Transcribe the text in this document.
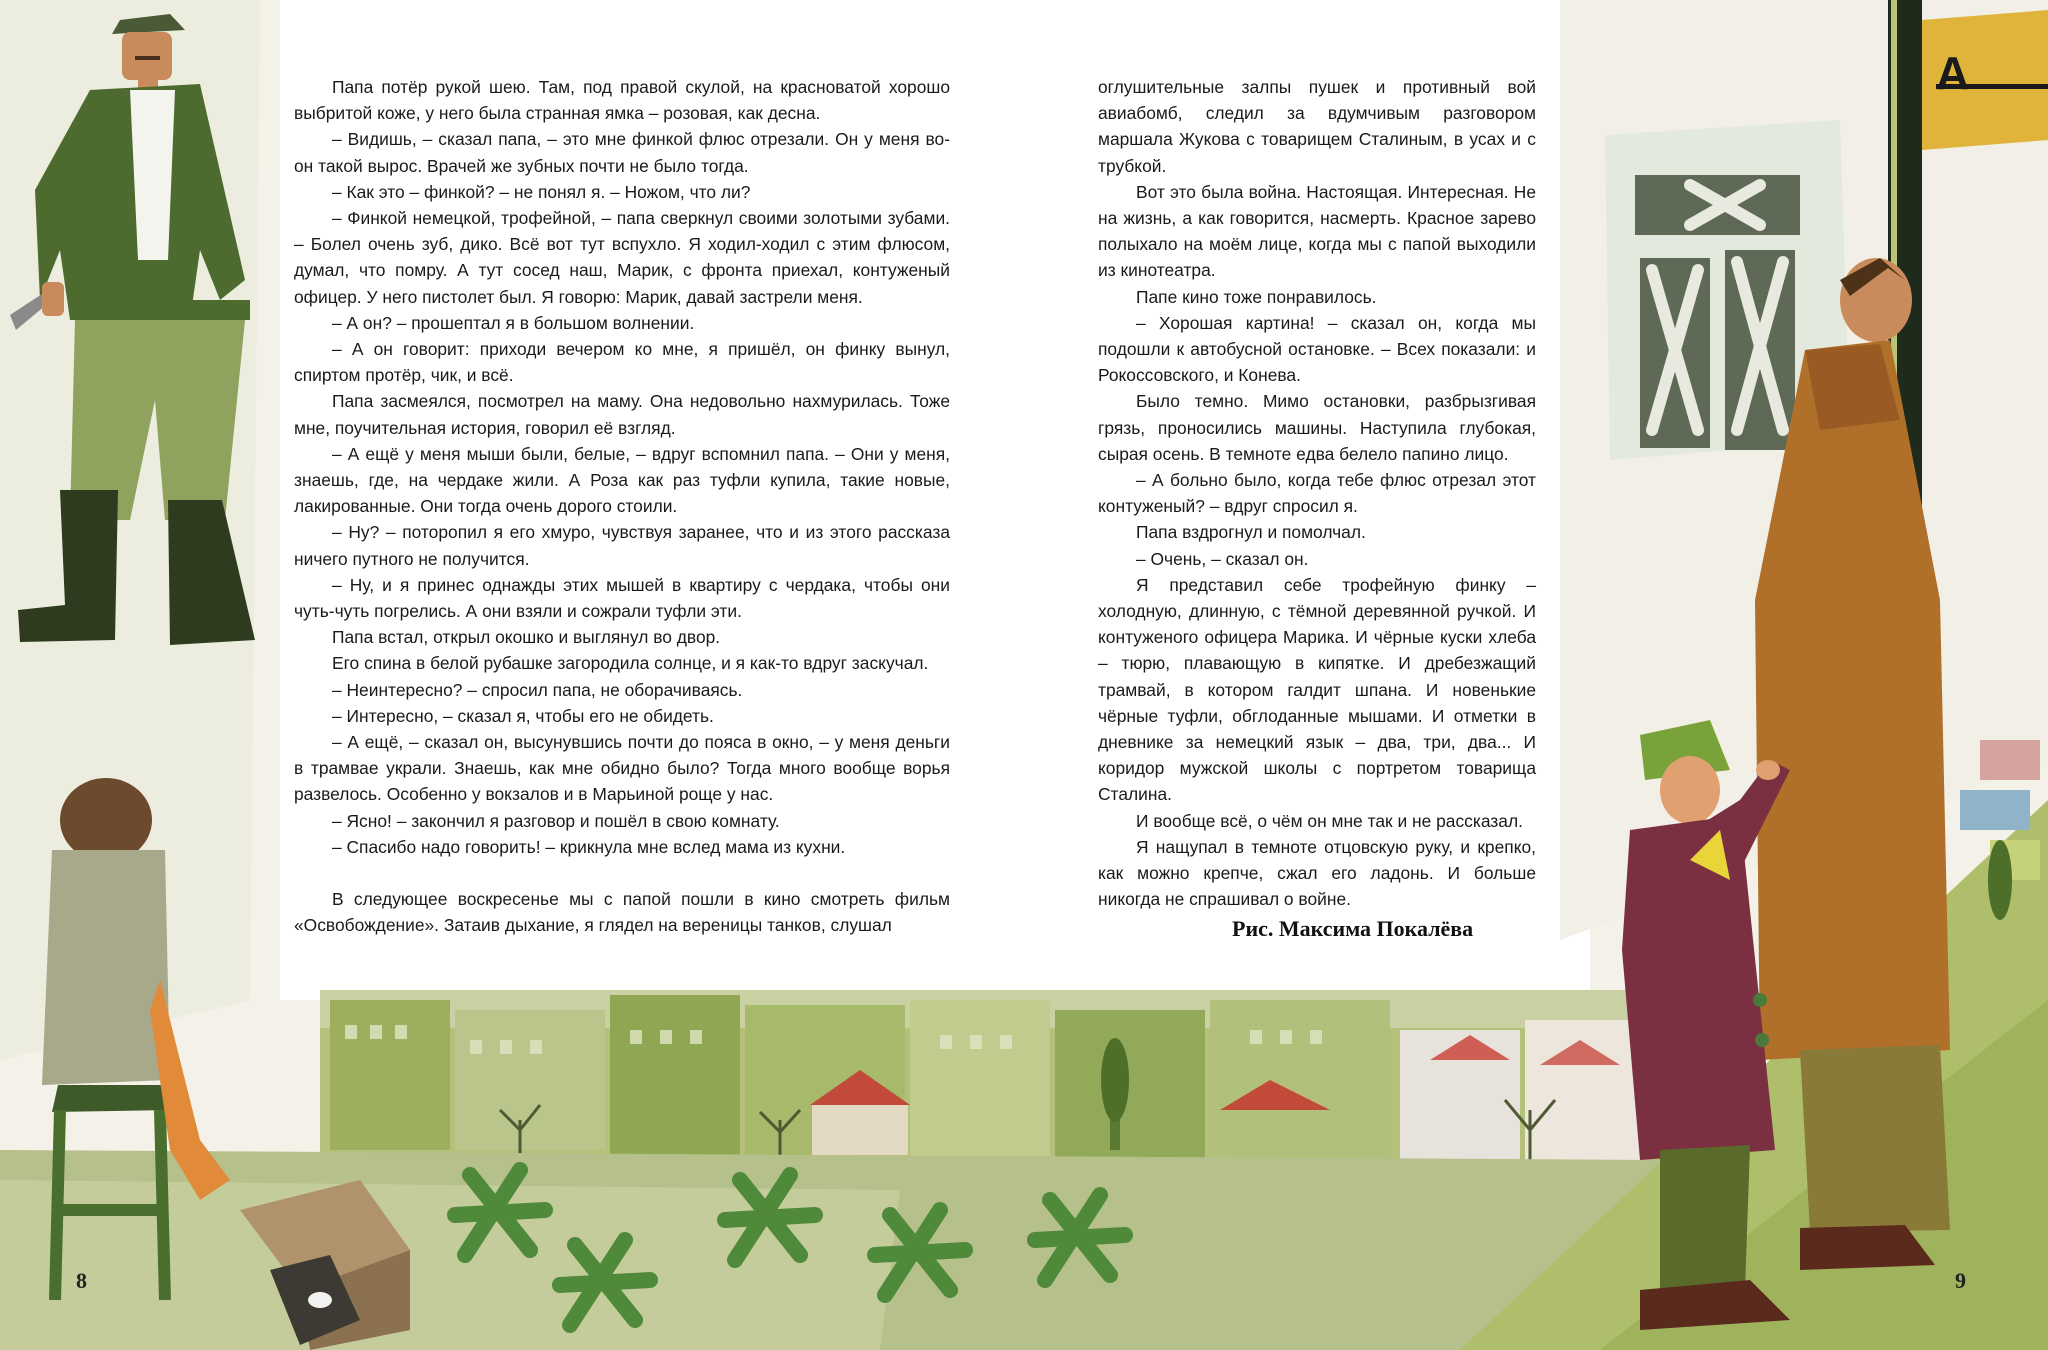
Папа потёр рукой шею. Там, под правой скулой, на красноватой хорошо выбритой коже, у него была странная ямка – розовая, как десна.

– Видишь, – сказал папа, – это мне финкой флюс отрезали. Он у меня во-он такой вырос. Врачей же зубных почти не было тогда.

– Как это – финкой? – не понял я. – Ножом, что ли?

– Финкой немецкой, трофейной, – папа сверкнул своими золотыми зубами. – Болел очень зуб, дико. Всё вот тут вспухло. Я ходил-ходил с этим флюсом, думал, что помру. А тут сосед наш, Марик, с фронта приехал, контуженый офицер. У него пистолет был. Я говорю: Марик, давай застрели меня.

– А он? – прошептал я в большом волнении.

– А он говорит: приходи вечером ко мне, я пришёл, он финку вынул, спиртом протёр, чик, и всё.

Папа засмеялся, посмотрел на маму. Она недовольно нахмурилась. Тоже мне, поучительная история, говорил её взгляд.

– А ещё у меня мыши были, белые, – вдруг вспомнил папа. – Они у меня, знаешь, где, на чердаке жили. А Роза как раз туфли купила, такие новые, лакированные. Они тогда очень дорого стоили.

– Ну? – поторопил я его хмуро, чувствуя заранее, что и из этого рассказа ничего путного не получится.

– Ну, и я принес однажды этих мышей в квартиру с чердака, чтобы они чуть-чуть погрелись. А они взяли и сожрали туфли эти.

Папа встал, открыл окошко и выглянул во двор.

Его спина в белой рубашке загородила солнце, и я как-то вдруг заскучал.

– Неинтересно? – спросил папа, не оборачиваясь.

– Интересно, – сказал я, чтобы его не обидеть.

– А ещё, – сказал он, высунувшись почти до пояса в окно, – у меня деньги в трамвае украли. Знаешь, как мне обидно было? Тогда много вообще ворья развелось. Особенно у вокзалов и в Марьиной роще у нас.

– Ясно! – закончил я разговор и пошёл в свою комнату.

– Спасибо надо говорить! – крикнула мне вслед мама из кухни.

В следующее воскресенье мы с папой пошли в кино смотреть фильм «Освобождение». Затаив дыхание, я глядел на вереницы танков, слушал

оглушительные залпы пушек и противный вой авиабомб, следил за вдумчивым разговором маршала Жукова с товарищем Сталиным, в усах и с трубкой.

Вот это была война. Настоящая. Интересная. Не на жизнь, а как говорится, насмерть. Красное зарево полыхало на моём лице, когда мы с папой выходили из кинотеатра.

Папе кино тоже понравилось.

– Хорошая картина! – сказал он, когда мы подошли к автобусной остановке. – Всех показали: и Рокоссовского, и Конева.

Было темно. Мимо остановки, разбрызгивая грязь, проносились машины. Наступила глубокая, сырая осень. В темноте едва белело папино лицо.

– А больно было, когда тебе флюс отрезал этот контуженый? – вдруг спросил я.

Папа вздрогнул и помолчал.

– Очень, – сказал он.

Я представил себе трофейную финку – холодную, длинную, с тёмной деревянной ручкой. И контуженого офицера Марика. И чёрные куски хлеба – тюрю, плавающую в кипятке. И дребезжащий трамвай, в котором галдит шпана. И новенькие чёрные туфли, обглоданные мышами. И отметки в дневнике за немецкий язык – два, три, два... И коридор мужской школы с портретом товарища Сталина.

И вообще всё, о чём он мне так и не рассказал.

Я нащупал в темноте отцовскую руку, и крепко, как можно крепче, сжал его ладонь. И больше никогда не спрашивал о войне.

Рис. Максима Покалёва
А
8	9
